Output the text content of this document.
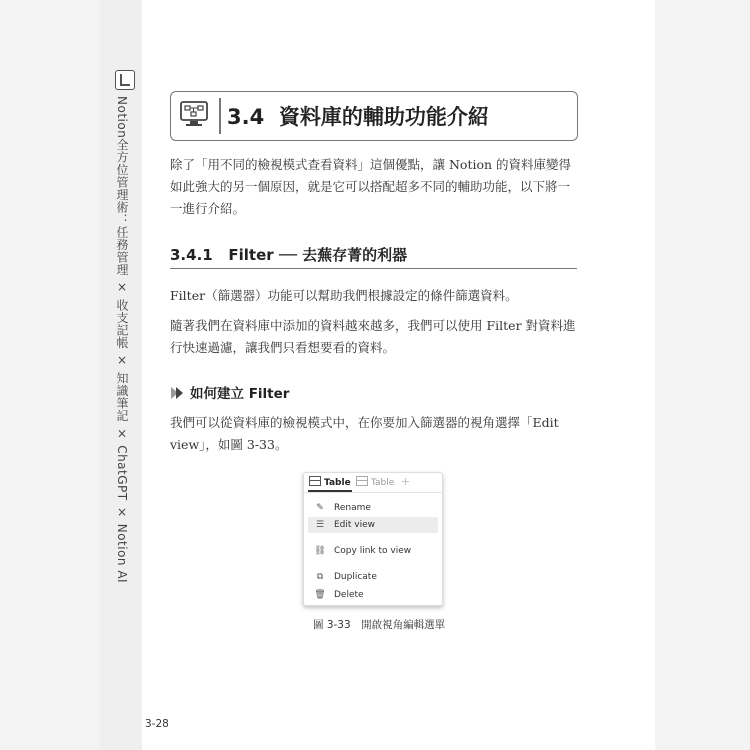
Notion全方位管理術：任務管理 × 收支記帳 × 知識筆記 × ChatGPT × Notion AI	3.4 資料庫的輔助功能介紹
除了「用不同的檢視模式查看資料」這個優點，讓 Notion 的資料庫變得如此強大的另一個原因，就是它可以搭配超多不同的輔助功能，以下將一一進行介紹。
3.4.1 Filter ── 去蕪存菁的利器
Filter（篩選器）功能可以幫助我們根據設定的條件篩選資料。
隨著我們在資料庫中添加的資料越來越多，我們可以使用 Filter 對資料進行快速過濾，讓我們只看想要看的資料。
如何建立 Filter
我們可以從資料庫的檢視模式中，在你要加入篩選器的視角選擇「Edit view」，如圖 3-33。
Table	Table +
✎ Rename
☰ Edit view
⛓ Copy link to view
⧉	Duplicate
🗑 Delete
圖 3-33　開啟視角編輯選單
3-28
